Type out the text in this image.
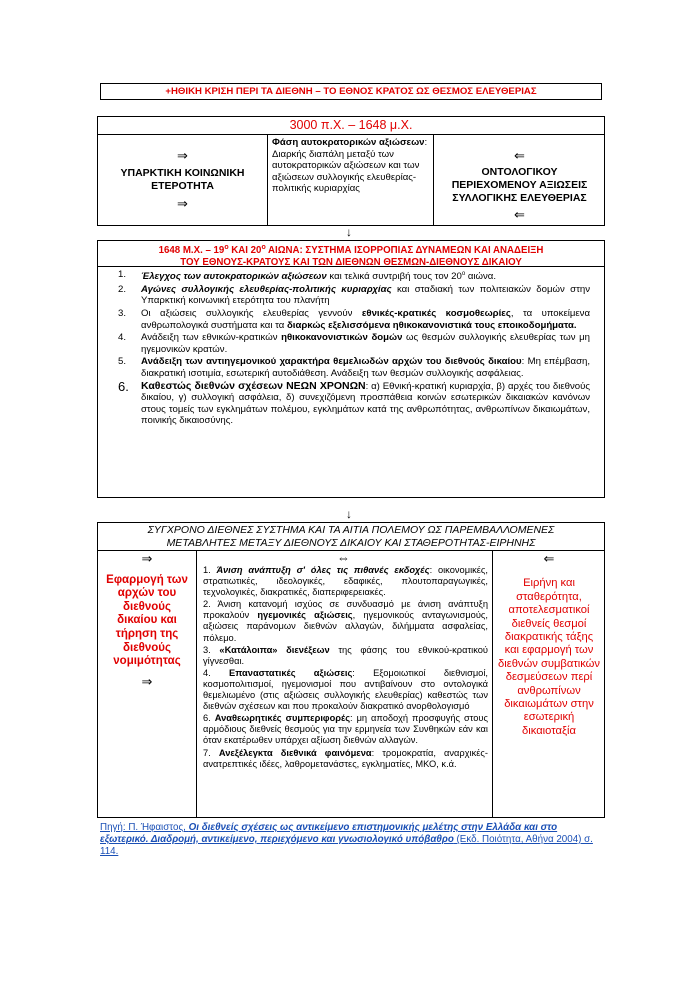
+ΗΘΙΚΗ ΚΡΙΣΗ ΠΕΡΙ ΤΑ ΔΙΕΘΝΗ – ΤΟ ΕΘΝΟΣ ΚΡΑΤΟΣ ΩΣ ΘΕΣΜΟΣ ΕΛΕΥΘΕΡΙΑΣ
3000 π.Χ. – 1648 μ.Χ.
⇒
ΥΠΑΡΚΤΙΚΗ ΚΟΙΝΩΝΙΚΗ ΕΤΕΡΟΤΗΤΑ
⇒
Φάση αυτοκρατορικών αξιώσεων: Διαρκής διαπάλη μεταξύ των αυτοκρατορικών αξιώσεων και των αξιώσεων συλλογικής ελευθερίας-πολιτικής κυριαρχίας
⇐
ΟΝΤΟΛΟΓΙΚΟΥ ΠΕΡΙΕΧΟΜΕΝΟΥ ΑΞΙΩΣΕΙΣ ΣΥΛΛΟΓΙΚΗΣ ΕΛΕΥΘΕΡΙΑΣ
⇐
↓
1648 Μ.Χ. – $19^o$ ΚΑΙ $20^o$ ΑΙΩΝΑ: ΣΥΣΤΗΜΑ ΙΣΟΡΡΟΠΙΑΣ ΔΥΝΑΜΕΩΝ ΚΑΙ ΑΝΑΔΕΙΞΗ
ΤΟΥ ΕΘΝΟΥΣ-ΚΡΑΤΟΥΣ ΚΑΙ ΤΩΝ ΔΙΕΘΝΩΝ ΘΕΣΜΩΝ-ΔΙΕΘΝΟΥΣ ΔΙΚΑΙΟΥ
1. Έλεγχος των αυτοκρατορικών αξιώσεων και τελικά συντριβή τους τον $20^o$ αιώνα.
2. Αγώνες συλλογικής ελευθερίας-πολιτικής κυριαρχίας και σταδιακή των πολιτειακών δομών στην Υπαρκτική κοινωνική ετερότητα του πλανήτη
3. Οι αξιώσεις συλλογικής ελευθερίας γεννούν εθνικές-κρατικές κοσμοθεωρίες, τα υποκείμενα ανθρωπολογικά συστήματα και τα διαρκώς εξελισσόμενα ηθικοκανονιστικά τους εποικοδομήματα.
4. Ανάδειξη των εθνικών-κρατικών ηθικοκανονιστικών δομών ως θεσμών συλλογικής ελευθερίας των μη ηγεμονικών κρατών.
5. Ανάδειξη των αντιηγεμονικού χαρακτήρα θεμελιωδών αρχών του διεθνούς δικαίου: Μη επέμβαση, διακρατική ισοτιμία, εσωτερική αυτοδιάθεση. Ανάδειξη των θεσμών συλλογικής ασφάλειας.
6. Καθεστώς διεθνών σχέσεων ΝΕΩΝ ΧΡΟΝΩΝ: α) Εθνική-κρατική κυριαρχία, β) αρχές του διεθνούς δικαίου, γ) συλλογική ασφάλεια, δ) συνεχιζόμενη προσπάθεια κοινών εσωτερικών δικαιακών κανόνων στους τομείς των εγκλημάτων πολέμου, εγκλημάτων κατά της ανθρωπότητας, ανθρωπίνων δικαιωμάτων, ποινικής δικαιοσύνης.
↓
ΣΥΓΧΡΟΝΟ ΔΙΕΘΝΕΣ ΣΥΣΤΗΜΑ ΚΑΙ ΤΑ ΑΙΤΙΑ ΠΟΛΕΜΟΥ ΩΣ ΠΑΡΕΜΒΑΛΛΟΜΕΝΕΣ
ΜΕΤΑΒΛΗΤΕΣ ΜΕΤΑΞΥ ΔΙΕΘΝΟΥΣ ΔΙΚΑΙΟΥ ΚΑΙ ΣΤΑΘΕΡΟΤΗΤΑΣ-ΕΙΡΗΝΗΣ
⇒
Εφαρμογή των αρχών του διεθνούς δικαίου και τήρηση της διεθνούς νομιμότητας
⇒
⇔

1. Άνιση ανάπτυξη σ' όλες τις πιθανές εκδοχές: οικονομικές, στρατιωτικές, ιδεολογικές, εδαφικές, πλουτοπαραγωγικές, τεχνολογικές, διακρατικές, διαπεριφερειακές.

2. Άνιση κατανομή ισχύος σε συνδυασμό με άνιση ανάπτυξη προκαλούν ηγεμονικές αξιώσεις, ηγεμονικούς ανταγωνισμούς, αξιώσεις παράνομων διεθνών αλλαγών, διλήμματα ασφαλείας, πόλεμο.

3. «Κατάλοιπα» διενέξεων της φάσης του εθνικού-κρατικού γίγνεσθαι.

4. Επαναστατικές αξιώσεις: Εξομοιωτικοί διεθνισμοί, κοσμοπολιτισμοί, ηγεμονισμοί που αντιβαίνουν στο οντολογικά θεμελιωμένο (στις αξιώσεις συλλογικής ελευθερίας) καθεστώς των διεθνών σχέσεων και που προκαλούν διακρατικό ανορθολογισμό

6. Αναθεωρητικές συμπεριφορές: μη αποδοχή προσφυγής στους αρμόδιους διεθνείς θεσμούς για την ερμηνεία των Συνθηκών εάν και όταν εκατέρωθεν υπάρχει αξίωση διεθνών αλλαγών.

7. Ανεξέλεγκτα διεθνικά φαινόμενα: τρομοκρατία, αναρχικές-ανατρεπτικές ιδέες, λαθρομετανάστες, εγκληματίες, ΜΚΟ, κ.ά.

⇐
Ειρήνη και σταθερότητα, αποτελεσματικοί διεθνείς θεσμοί διακρατικής τάξης και εφαρμογή των διεθνών συμβατικών δεσμεύσεων περί ανθρωπίνων δικαιωμάτων στην εσωτερική δικαιοταξία
Πηγή: Π. Ήφαιστος, Οι διεθνείς σχέσεις ως αντικείμενο επιστημονικής μελέτης στην Ελλάδα και στο εξωτερικό. Διαδρομή, αντικείμενο, περιεχόμενο και γνωσιολογικό υπόβαθρο (Εκδ. Ποιότητα, Αθήνα 2004) σ. 114.
